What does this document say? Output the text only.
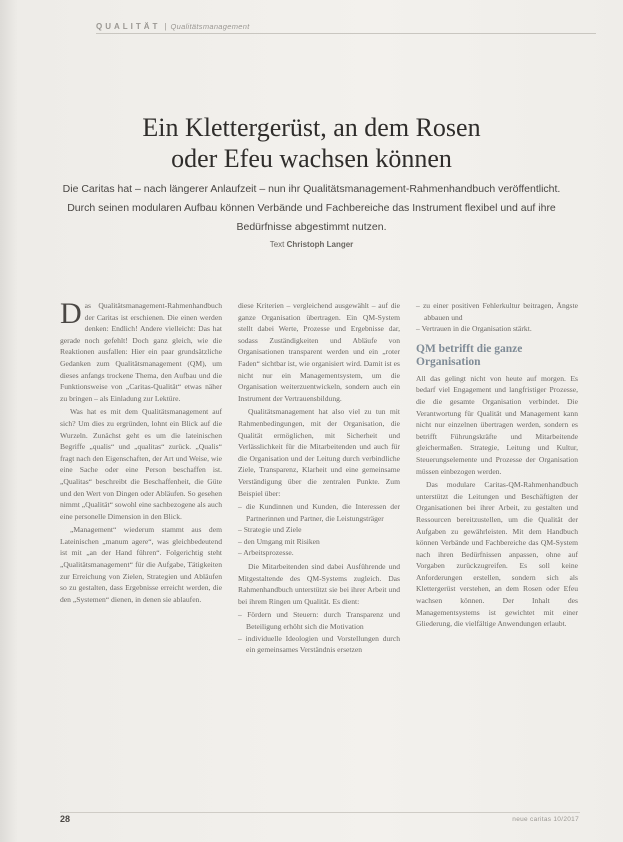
QUALITÄT | Qualitätsmanagement
Ein Klettergerüst, an dem Rosen
oder Efeu wachsen können

Die Caritas hat – nach längerer Anlaufzeit – nun ihr Qualitätsmanagement-Rahmenhandbuch veröffentlicht. Durch seinen modularen Aufbau können Verbände und Fachbereiche das Instrument flexibel und auf ihre Bedürfnisse abgestimmt nutzen.

Text Christoph Langer

Das Qualitätsmanagement-Rahmenhandbuch der Caritas ist erschienen. Die einen werden denken: Endlich! Andere vielleicht: Das hat gerade noch gefehlt! Doch ganz gleich, wie die Reaktionen ausfallen: Hier ein paar grundsätzliche Gedanken zum Qualitätsmanagement (QM), um dieses anfangs trockene Thema, den Aufbau und die Funktionsweise von „Caritas-Qualität“ etwas näher zu bringen – als Einladung zur Lektüre.

Was hat es mit dem Qualitätsmanagement auf sich? Um dies zu ergründen, lohnt ein Blick auf die Wurzeln. Zunächst geht es um die lateinischen Begriffe „qualis“ und „qualitas“ zurück. „Qualis“ fragt nach den Eigenschaften, der Art und Weise, wie eine Sache oder eine Person beschaffen ist. „Qualitas“ beschreibt die Beschaffenheit, die Güte und den Wert von Dingen oder Abläufen. So gesehen nimmt „Qualität“ sowohl eine sachbezogene als auch eine personelle Dimension in den Blick.

„Management“ wiederum stammt aus dem Lateinischen „manum agere“, was gleichbedeutend ist mit „an der Hand führen“. Folgerichtig steht „Qualitätsmanagement“ für die Aufgabe, Tätigkeiten zur Erreichung von Zielen, Strategien und Abläufen so zu gestalten, dass Ergebnisse erreicht werden, die den „Systemen“ dienen, in denen sie ablaufen.

diese Kriterien – vergleichend ausgewählt – auf die ganze Organisation übertragen. Ein QM-System stellt dabei Werte, Prozesse und Ergebnisse dar, sodass Zuständigkeiten und Abläufe von Organisationen transparent werden und ein „roter Faden“ sichtbar ist, wie organisiert wird. Damit ist es nicht nur ein Managementsystem, um die Organisation weiterzuentwickeln, sondern auch ein Instrument der Vertrauensbildung.

Qualitätsmanagement hat also viel zu tun mit Rahmenbedingungen, mit der Organisation, die Qualität ermöglichen, mit Sicherheit und Verlässlichkeit für die Mitarbeitenden und auch für die Organisation und der Leitung durch verbindliche Ziele, Transparenz, Klarheit und eine gemeinsame Verständigung über die zentralen Punkte. Zum Beispiel über:

– die Kundinnen und Kunden, die Interessen der Partnerinnen und Partner, die Leistungsträger
– Strategie und Ziele
– den Umgang mit Risiken
– Arbeitsprozesse.

Die Mitarbeitenden sind dabei Ausführende und Mitgestaltende des QM-Systems zugleich. Das Rahmenhandbuch unterstützt sie bei ihrer Arbeit und bei ihrem Ringen um Qualität. Es dient:

– Fördern und Steuern: durch Transparenz und Beteiligung erhöht sich die Motivation
– individuelle Ideologien und Vorstellungen durch ein gemeinsames Verständnis ersetzen
– zu einer positiven Fehlerkultur beitragen, Ängste abbauen und
– Vertrauen in die Organisation stärkt.
QM betrifft die ganze Organisation

All das gelingt nicht von heute auf morgen. Es bedarf viel Engagement und langfristiger Prozesse, die die gesamte Organisation verbindet. Die Verantwortung für Qualität und Management kann nicht nur einzelnen übertragen werden, sondern es betrifft Führungskräfte und Mitarbeitende gleichermaßen. Strategie, Leitung und Kultur, Steuerungselemente und Prozesse der Organisation müssen einbezogen werden.

Das modulare Caritas-QM-Rahmenhandbuch unterstützt die Leitungen und Beschäftigten der Organisationen bei ihrer Arbeit, zu gestalten und Ressourcen bereitzustellen, um die Qualität der Aufgaben zu gewährleisten. Mit dem Handbuch können Verbände und Fachbereiche das QM-System nach ihren Bedürfnissen anpassen, ohne auf Vorgaben zurückzugreifen. Es soll keine Anforderungen erstellen, sondern sich als Klettergerüst verstehen, an dem Rosen oder Efeu wachsen können. Der Inhalt des Managementsystems ist gewichtet mit einer Gliederung, die vielfältige Anwendungen erlaubt.

28	neue caritas 10/2017
